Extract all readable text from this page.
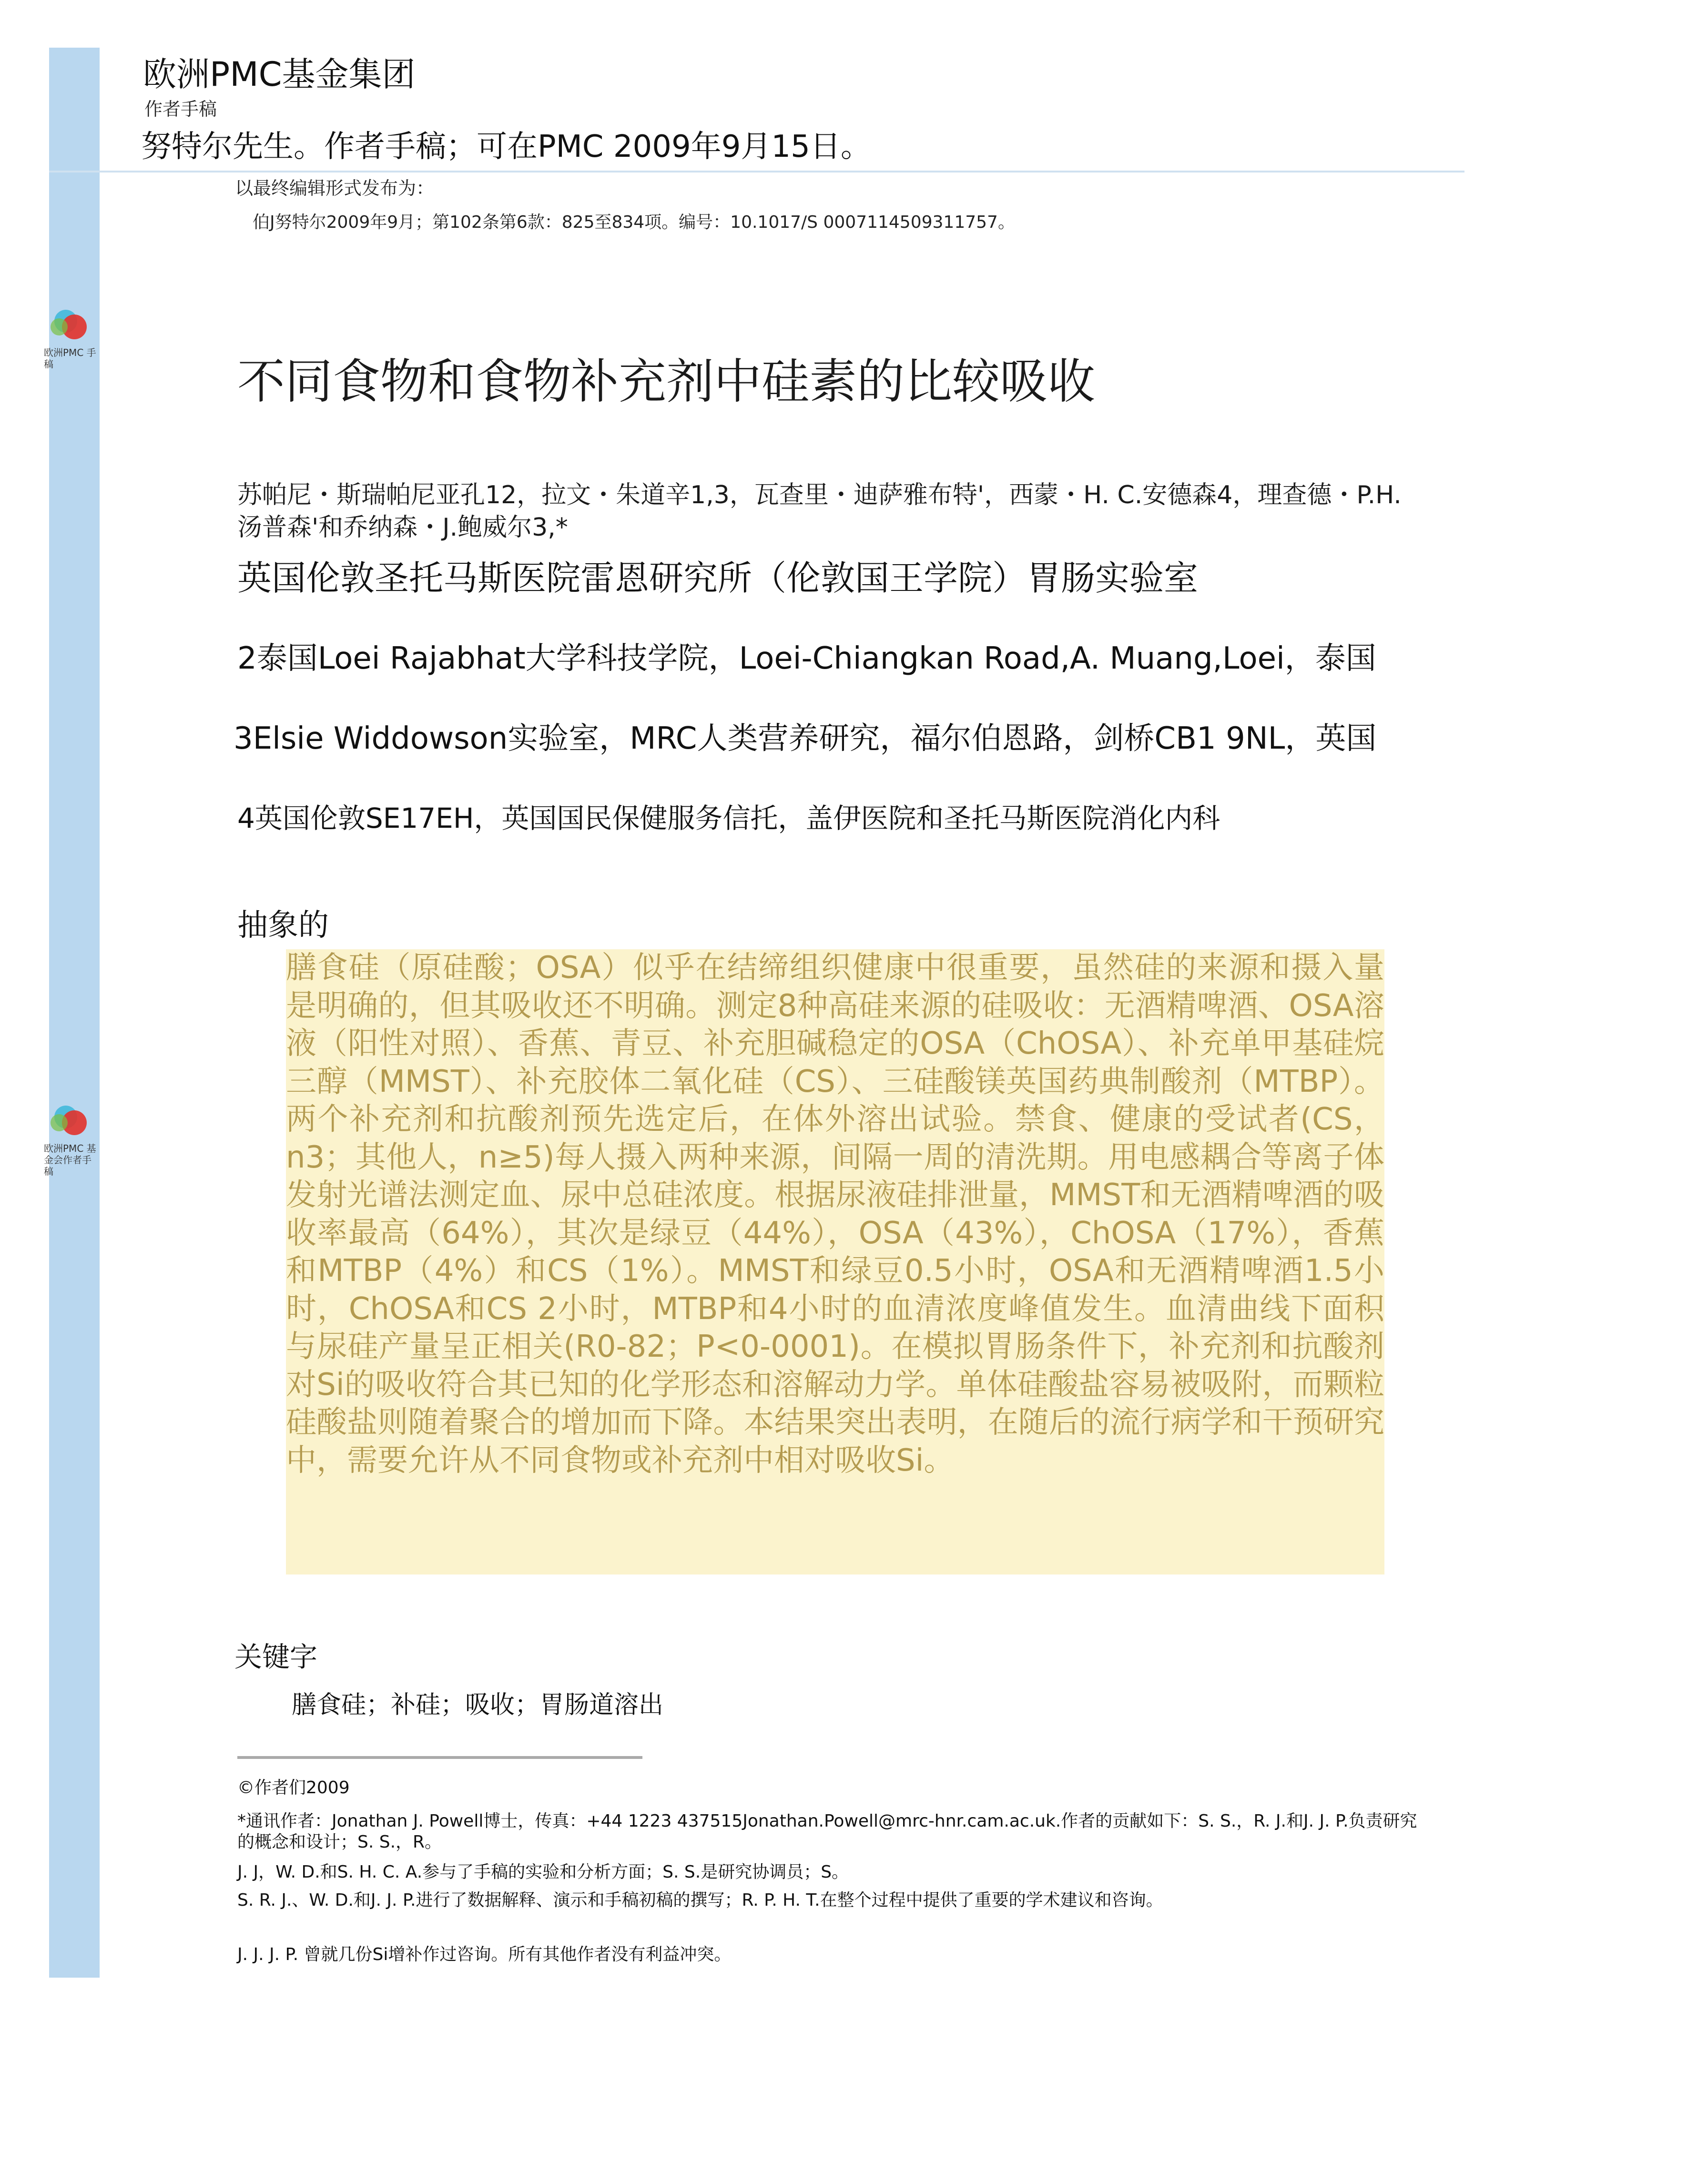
欧洲PMC 手稿
欧洲PMC 基金会作者手稿
欧洲PMC基金集团
作者手稿
努特尔先生。作者手稿；可在PMC 2009年9月15日。
以最终编辑形式发布为：
伯J努特尔2009年9月；第102条第6款：825至834项。编号：10.1017/S 0007114509311757。
不同食物和食物补充剂中硅素的比较吸收
苏帕尼・斯瑞帕尼亚孔12，拉文・朱道辛1,3，瓦查里・迪萨雅布特'，西蒙・H. C.安德森4，理查德・P.H.汤普森'和乔纳森・J.鲍威尔3,*
英国伦敦圣托马斯医院雷恩研究所（伦敦国王学院）胃肠实验室
2泰国Loei Rajabhat大学科技学院，Loei-Chiangkan Road,A. Muang,Loei，泰国
3Elsie Widdowson实验室，MRC人类营养研究，福尔伯恩路，剑桥CB1 9NL，英国
4英国伦敦SE17EH，英国国民保健服务信托，盖伊医院和圣托马斯医院消化内科
抽象的
膳食硅（原硅酸；OSA）似乎在结缔组织健康中很重要，虽然硅的来源和摄入量是明确的，但其吸收还不明确。测定8种高硅来源的硅吸收：无酒精啤酒、OSA溶液（阳性对照）、香蕉、青豆、补充胆碱稳定的OSA（ChOSA）、补充单甲基硅烷三醇（MMST）、补充胶体二氧化硅（CS）、三硅酸镁英国药典制酸剂（MTBP）。两个补充剂和抗酸剂预先选定后，在体外溶出试验。禁食、健康的受试者(CS，n3；其他人，n≥5)每人摄入两种来源，间隔一周的清洗期。用电感耦合等离子体发射光谱法测定血、尿中总硅浓度。根据尿液硅排泄量，MMST和无酒精啤酒的吸收率最高（64%），其次是绿豆（44%），OSA（43%），ChOSA（17%），香蕉和MTBP（4%）和CS（1%）。MMST和绿豆0.5小时，OSA和无酒精啤酒1.5小时，ChOSA和CS 2小时，MTBP和4小时的血清浓度峰值发生。血清曲线下面积与尿硅产量呈正相关(R0-82；P<0-0001)。在模拟胃肠条件下，补充剂和抗酸剂对Si的吸收符合其已知的化学形态和溶解动力学。单体硅酸盐容易被吸附，而颗粒硅酸盐则随着聚合的增加而下降。本结果突出表明，在随后的流行病学和干预研究中，需要允许从不同食物或补充剂中相对吸收Si。
关键字
膳食硅；补硅；吸收；胃肠道溶出
©作者们2009
*通讯作者：Jonathan J. Powell博士，传真：+44 1223 437515Jonathan.Powell@mrc-hnr.cam.ac.uk.作者的贡献如下：S. S.，R. J.和J. J. P.负责研究的概念和设计；S. S.，R。
J. J，W. D.和S. H. C. A.参与了手稿的实验和分析方面；S. S.是研究协调员；S。
S. R. J.、W. D.和J. J. P.进行了数据解释、演示和手稿初稿的撰写；R. P. H. T.在整个过程中提供了重要的学术建议和咨询。
J. J. J. P. 曾就几份Si增补作过咨询。所有其他作者没有利益冲突。
